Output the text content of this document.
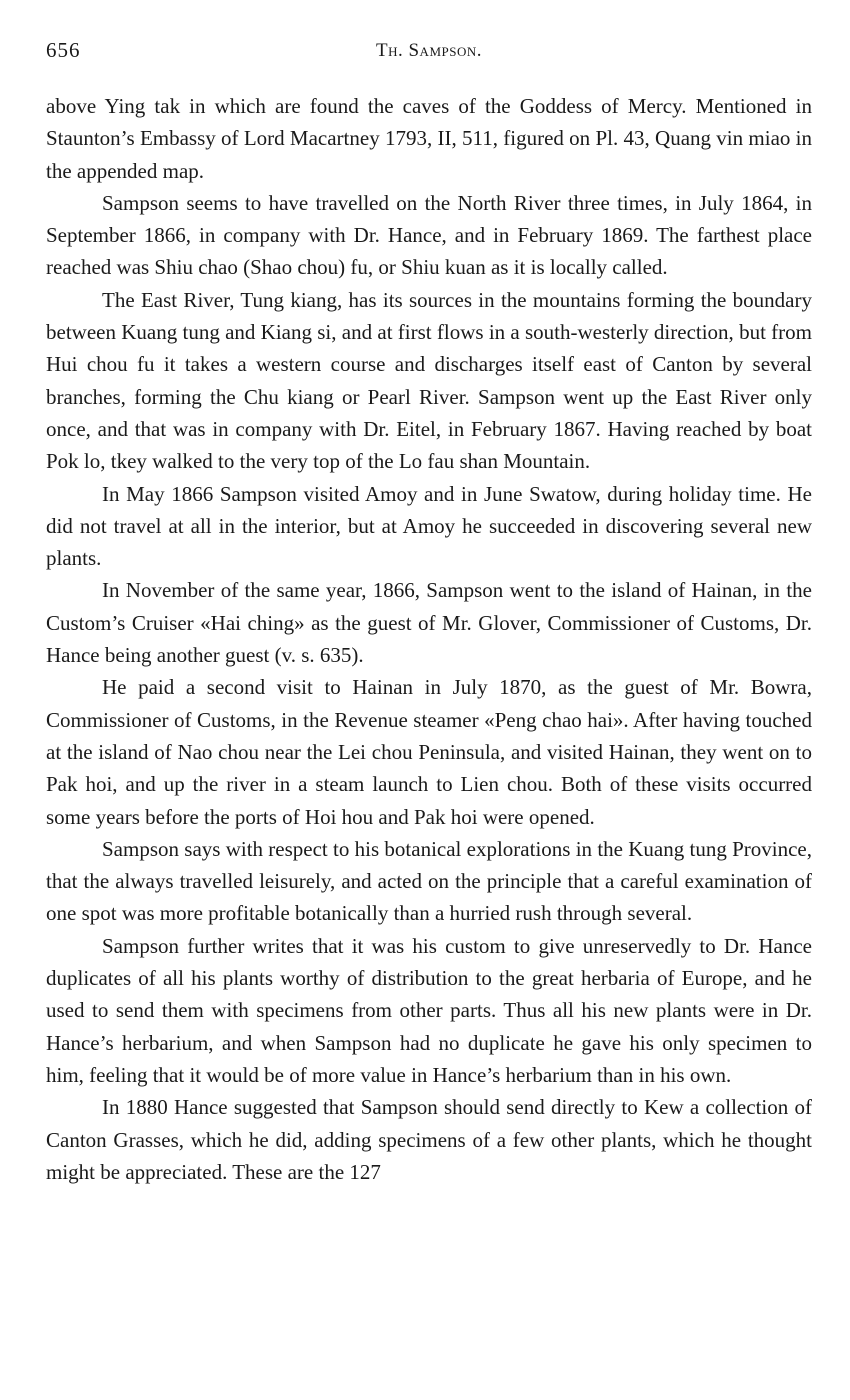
656	Th. Sampson.

above Ying tak in which are found the caves of the Goddess of Mercy. Mentioned in Staunton’s Embassy of Lord Macartney 1793, II, 511, figured on Pl. 43, Quang vin miao in the appended map.

Sampson seems to have travelled on the North River three times, in July 1864, in September 1866, in company with Dr. Hance, and in February 1869. The farthest place reached was Shiu chao (Shao chou) fu, or Shiu kuan as it is locally called.

The East River, Tung kiang, has its sources in the mountains forming the boundary between Kuang tung and Kiang si, and at first flows in a south-westerly direction, but from Hui chou fu it takes a western course and discharges itself east of Canton by several branches, forming the Chu kiang or Pearl River. Sampson went up the East River only once, and that was in company with Dr. Eitel, in February 1867. Having reached by boat Pok lo, tkey walked to the very top of the Lo fau shan Mountain.

In May 1866 Sampson visited Amoy and in June Swatow, during holiday time. He did not travel at all in the interior, but at Amoy he succeeded in discovering several new plants.

In November of the same year, 1866, Sampson went to the island of Hainan, in the Custom’s Cruiser «Hai ching» as the guest of Mr. Glover, Commissioner of Customs, Dr. Hance being another guest (v. s. 635).

He paid a second visit to Hainan in July 1870, as the guest of Mr. Bowra, Commissioner of Customs, in the Revenue steamer «Peng chao hai». After having touched at the island of Nao chou near the Lei chou Peninsula, and visited Hainan, they went on to Pak hoi, and up the river in a steam launch to Lien chou. Both of these visits occurred some years before the ports of Hoi hou and Pak hoi were opened.

Sampson says with respect to his botanical explorations in the Kuang tung Province, that the always travelled leisurely, and acted on the principle that a careful examination of one spot was more profitable botanically than a hurried rush through several.

Sampson further writes that it was his custom to give unreservedly to Dr. Hance duplicates of all his plants worthy of distribution to the great herbaria of Europe, and he used to send them with specimens from other parts. Thus all his new plants were in Dr. Hance’s herbarium, and when Sampson had no duplicate he gave his only specimen to him, feeling that it would be of more value in Hance’s herbarium than in his own.

In 1880 Hance suggested that Sampson should send directly to Kew a collection of Canton Grasses, which he did, adding specimens of a few other plants, which he thought might be appreciated. These are the 127
